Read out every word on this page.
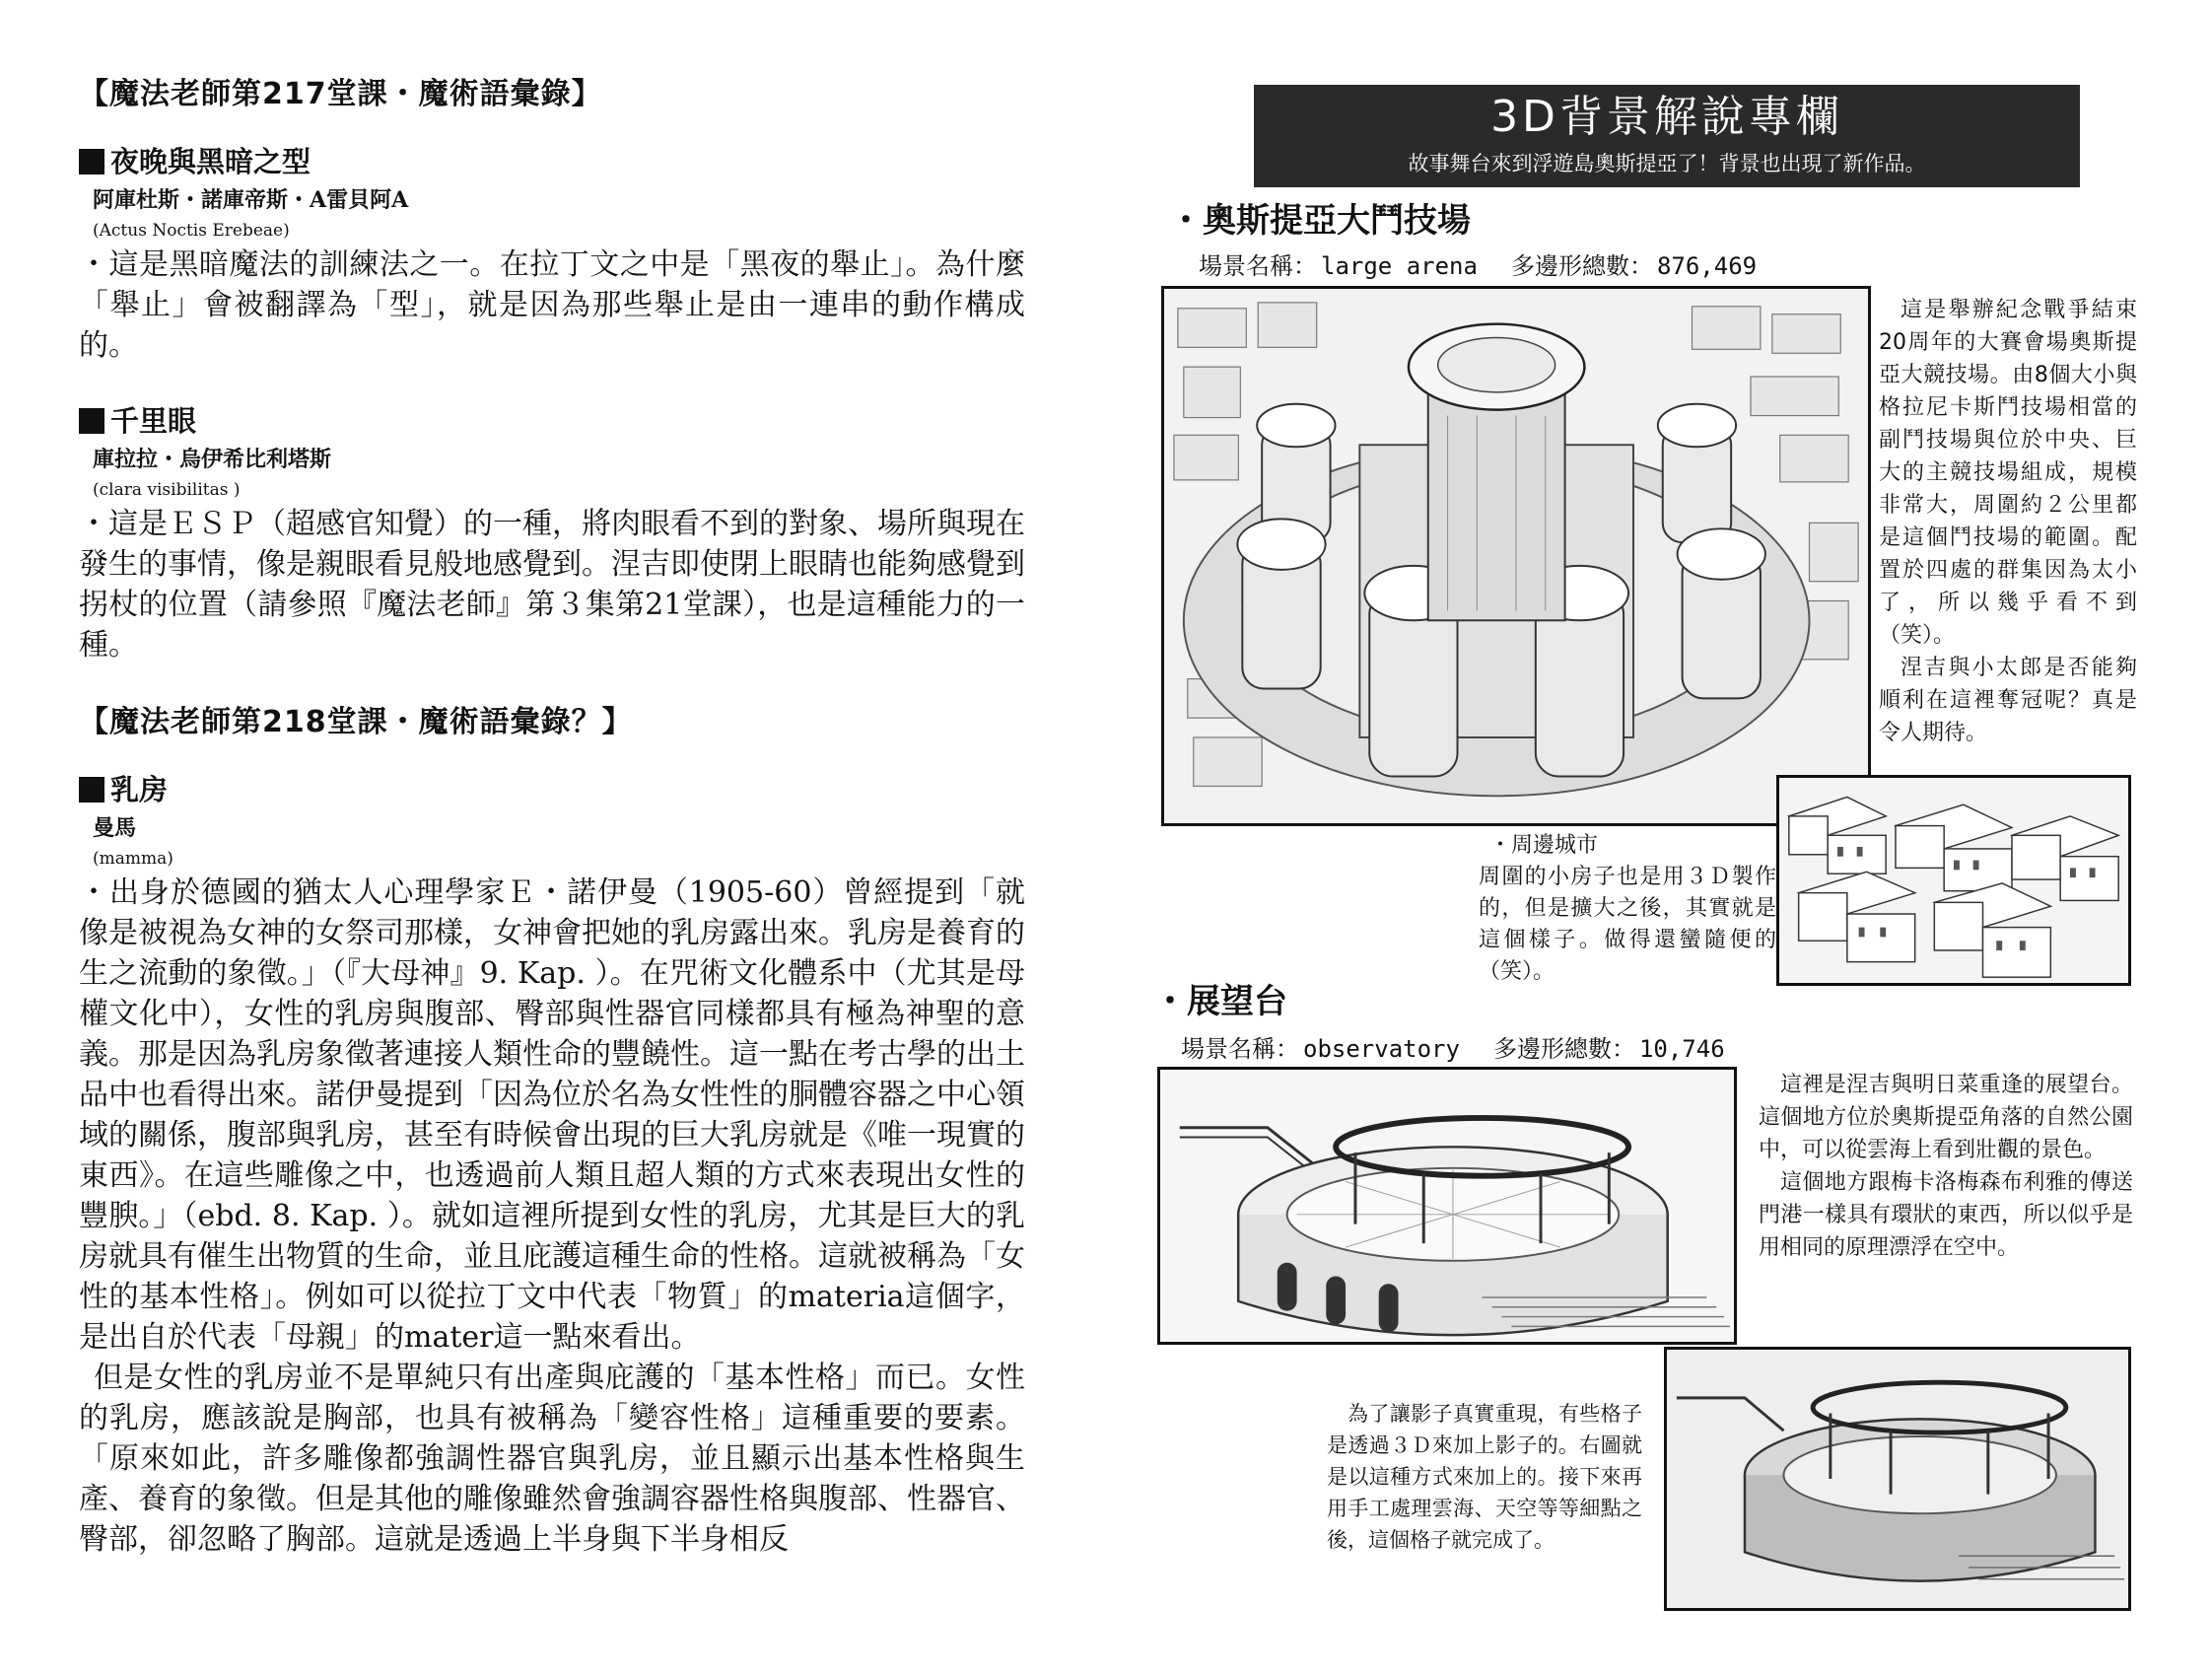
【魔法老師第217堂課・魔術語彙錄】
夜晚與黑暗之型
阿庫杜斯・諾庫帝斯・A雷貝阿A
(Actus Noctis Erebeae)

・這是黑暗魔法的訓練法之一。在拉丁文之中是「黑夜的舉止」。為什麼「舉止」會被翻譯為「型」，就是因為那些舉止是由一連串的動作構成的。

千里眼
庫拉拉・烏伊希比利塔斯
(clara visibilitas )

・這是ＥＳＰ（超感官知覺）的一種，將肉眼看不到的對象、場所與現在發生的事情，像是親眼看見般地感覺到。涅吉即使閉上眼睛也能夠感覺到拐杖的位置（請參照『魔法老師』第３集第21堂課），也是這種能力的一種。

【魔法老師第218堂課・魔術語彙錄？】
乳房
曼馬
(mamma)

・出身於德國的猶太人心理學家Ｅ・諾伊曼（1905-60）曾經提到「就像是被視為女神的女祭司那樣，女神會把她的乳房露出來。乳房是養育的生之流動的象徵。」（『大母神』9. Kap. ）。在咒術文化體系中（尤其是母權文化中），女性的乳房與腹部、臀部與性器官同樣都具有極為神聖的意義。那是因為乳房象徵著連接人類性命的豐饒性。這一點在考古學的出土品中也看得出來。諾伊曼提到「因為位於名為女性性的胴體容器之中心領域的關係，腹部與乳房，甚至有時候會出現的巨大乳房就是《唯一現實的東西》。在這些雕像之中，也透過前人類且超人類的方式來表現出女性的豐腴。」（ebd. 8. Kap. ）。就如這裡所提到女性的乳房，尤其是巨大的乳房就具有催生出物質的生命，並且庇護這種生命的性格。這就被稱為「女性的基本性格」。例如可以從拉丁文中代表「物質」的materia這個字，是出自於代表「母親」的mater這一點來看出。

但是女性的乳房並不是單純只有出產與庇護的「基本性格」而已。女性的乳房，應該說是胸部，也具有被稱為「變容性格」這種重要的要素。「原來如此，許多雕像都強調性器官與乳房，並且顯示出基本性格與生產、養育的象徵。但是其他的雕像雖然會強調容器性格與腹部、性器官、臀部，卻忽略了胸部。這就是透過上半身與下半身相反

3D背景解說專欄
故事舞台來到浮遊島奧斯提亞了！背景也出現了新作品。
・奧斯提亞大鬥技場
場景名稱： large arena 多邊形總數： 876,469

這是舉辦紀念戰爭結束20周年的大賽會場奧斯提亞大競技場。由8個大小與格拉尼卡斯鬥技場相當的副鬥技場與位於中央、巨大的主競技場組成，規模非常大，周圍約２公里都是這個鬥技場的範圍。配置於四處的群集因為太小了，所以幾乎看不到（笑）。

涅吉與小太郎是否能夠順利在這裡奪冠呢？真是令人期待。

・周邊城市

周圍的小房子也是用３Ｄ製作的，但是擴大之後，其實就是這個樣子。做得還蠻隨便的（笑）。

・展望台
場景名稱： observatory 多邊形總數： 10,746

這裡是涅吉與明日菜重逢的展望台。這個地方位於奧斯提亞角落的自然公園中，可以從雲海上看到壯觀的景色。

這個地方跟梅卡洛梅森布利雅的傳送門港一樣具有環狀的東西，所以似乎是用相同的原理漂浮在空中。

為了讓影子真實重現，有些格子是透過３Ｄ來加上影子的。右圖就是以這種方式來加上的。接下來再用手工處理雲海、天空等等細點之後，這個格子就完成了。
